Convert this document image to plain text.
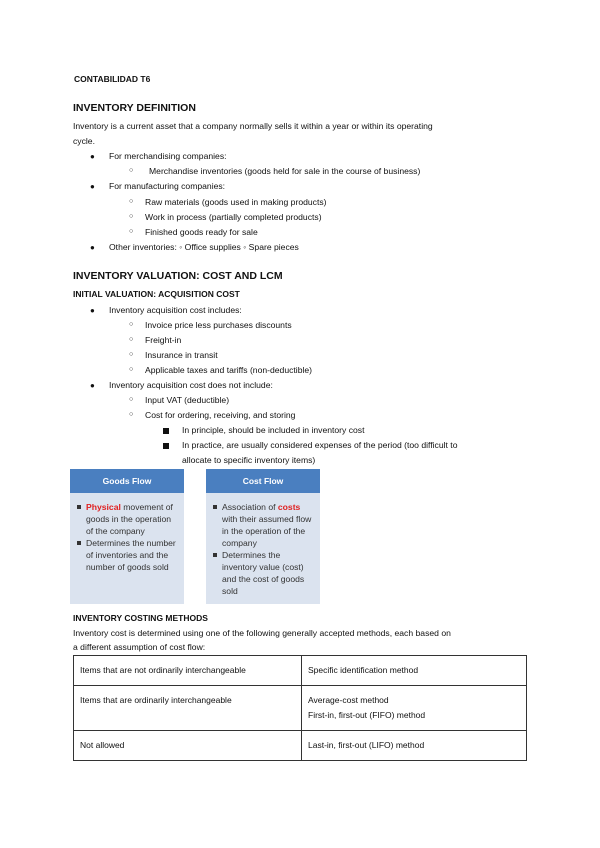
CONTABILIDAD T6
INVENTORY DEFINITION
Inventory is a current asset that a company normally sells it within a year or within its operating
cycle.
● For merchandising companies:
○ Merchandise inventories (goods held for sale in the course of business)
● For manufacturing companies:
○ Raw materials (goods used in making products)
○ Work in process (partially completed products)
○ Finished goods ready for sale
● Other inventories: ◦ Office supplies ◦ Spare pieces
INVENTORY VALUATION: COST AND LCM
INITIAL VALUATION: ACQUISITION COST
● Inventory acquisition cost includes:
○ Invoice price less purchases discounts
○ Freight-in
○ Insurance in transit
○ Applicable taxes and tariffs (non-deductible)
● Inventory acquisition cost does not include:
○ Input VAT (deductible)
○ Cost for ordering, receiving, and storing
In principle, should be included in inventory cost
In practice, are usually considered expenses of the period (too difficult to
allocate to specific inventory items)
Goods Flow
Physical movement of goods in the operation of the company
Determines the number of inventories and the number of goods sold
Cost Flow
Association of costs with their assumed flow in the operation of the company
Determines the inventory value (cost) and the cost of goods sold
INVENTORY COSTING METHODS
Inventory cost is determined using one of the following generally accepted methods, each based on
a different assumption of cost flow:
Items that are not ordinarily interchangeable	Specific identification method
Items that are ordinarily interchangeable	Average-cost method
First-in, first-out (FIFO) method

Not allowed	Last-in, first-out (LIFO) method
